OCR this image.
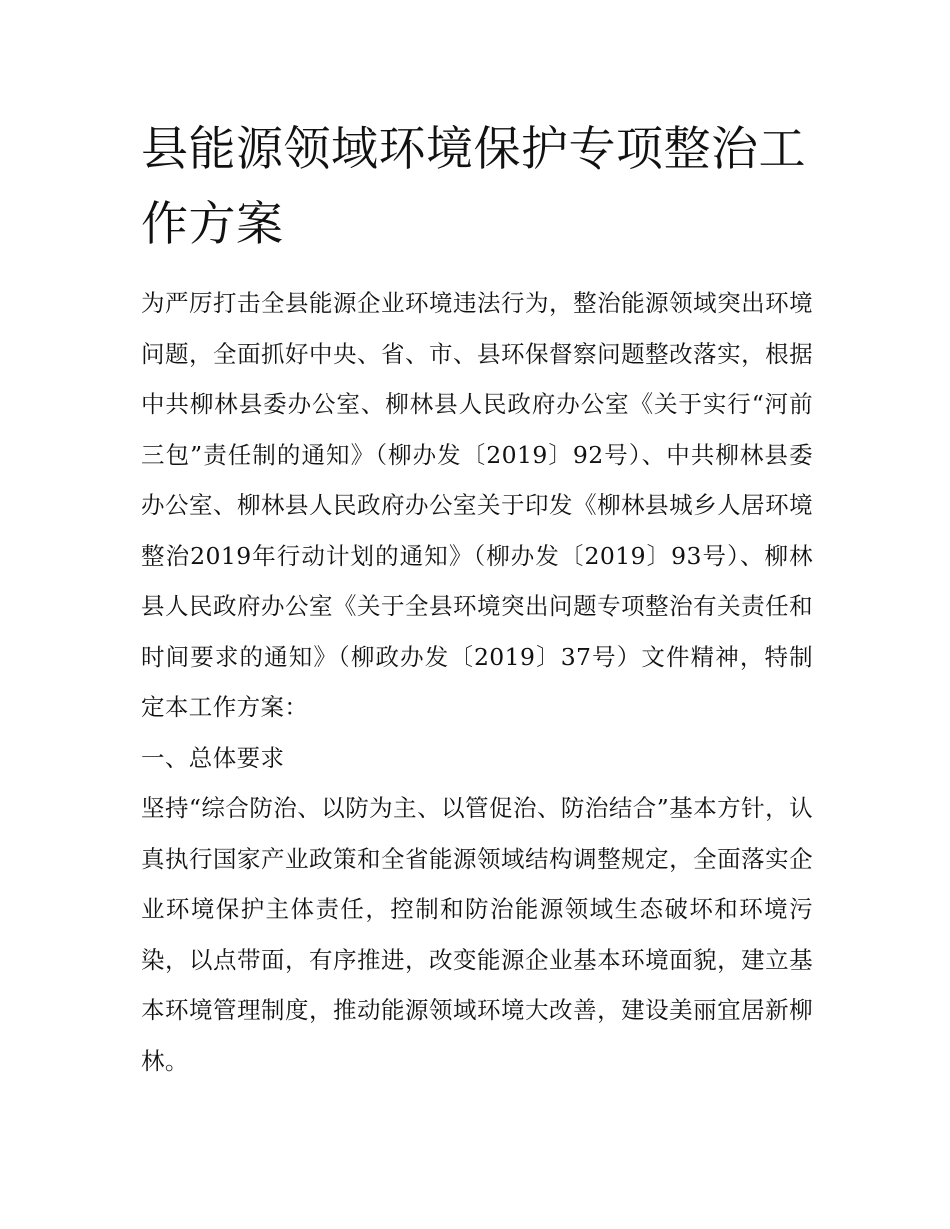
县能源领域环境保护专项整治工作方案

为严厉打击全县能源企业环境违法行为，整治能源领域突出环境问题，全面抓好中央、省、市、县环保督察问题整改落实，根据中共柳林县委办公室、柳林县人民政府办公室《关于实行“河前三包”责任制的通知》（柳办发〔2019〕92号）、中共柳林县委办公室、柳林县人民政府办公室关于印发《柳林县城乡人居环境整治2019年行动计划的通知》（柳办发〔2019〕93号）、柳林县人民政府办公室《关于全县环境突出问题专项整治有关责任和时间要求的通知》（柳政办发〔2019〕37号）文件精神，特制定本工作方案：

一、总体要求

坚持“综合防治、以防为主、以管促治、防治结合”基本方针，认真执行国家产业政策和全省能源领域结构调整规定，全面落实企业环境保护主体责任，控制和防治能源领域生态破坏和环境污染，以点带面，有序推进，改变能源企业基本环境面貌，建立基本环境管理制度，推动能源领域环境大改善，建设美丽宜居新柳林。
